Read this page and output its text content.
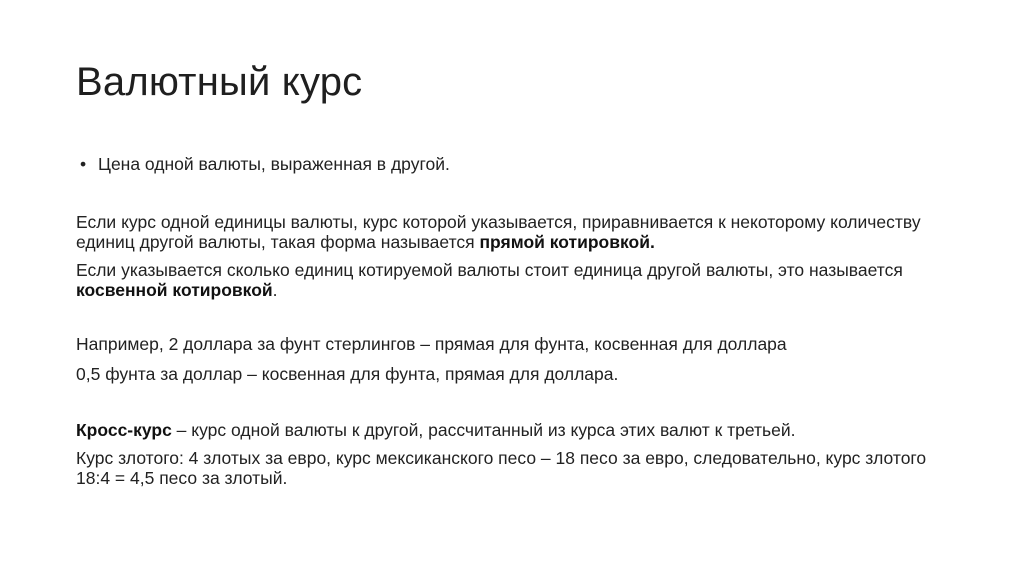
Валютный курс
• Цена одной валюты, выраженная в другой.
Если курс одной единицы валюты, курс которой указывается, приравнивается к некоторому количеству единиц другой валюты, такая форма называется прямой котировкой.
Если указывается сколько единиц котируемой валюты стоит единица другой валюты, это называется косвенной котировкой.
Например, 2 доллара за фунт стерлингов – прямая для фунта, косвенная для доллара
0,5 фунта за доллар – косвенная для фунта, прямая для доллара.
Кросс-курс – курс одной валюты к другой, рассчитанный из курса этих валют к третьей.
Курс злотого: 4 злотых за евро, курс мексиканского песо – 18 песо за евро, следовательно, курс злотого 18:4 = 4,5 песо за злотый.
